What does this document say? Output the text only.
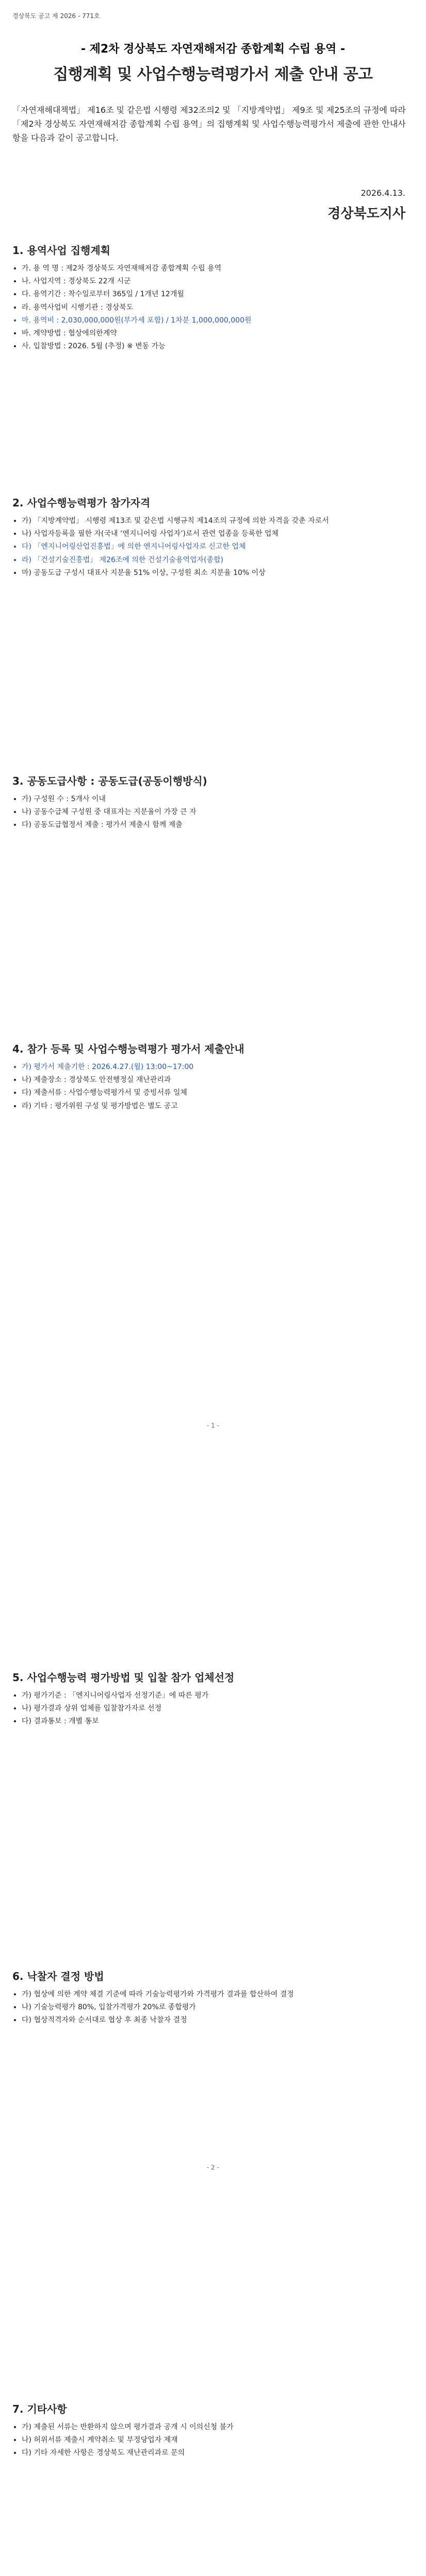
경상북도 공고 제 2026 - 771호
- 제2차 경상북도 자연재해저감 종합계획 수립 용역 -
집행계획 및 사업수행능력평가서 제출 안내 공고
「자연재해대책법」 제16조 및 같은법 시행령 제32조의2 및 「지방계약법」 제9조 및 제25조의 규정에 따라 「제2차 경상북도 자연재해저감 종합계획 수립 용역」의 집행계획 및 사업수행능력평가서 제출에 관한 안내사항을 다음과 같이 공고합니다.
2026.4.13.
경상북도지사
1. 용역사업 집행계획
• 가. 용 역 명 : 제2차 경상북도 자연재해저감 종합계획 수립 용역
• 나. 사업지역 : 경상북도 22개 시군
• 다. 용역기간 : 착수일로부터 365일 / 1개년 12개월
• 라. 용역사업비 시행기관 : 경상북도
• 마. 용역비 : 2,030,000,000원(부가세 포함) / 1차분 1,000,000,000원
• 바. 계약방법 : 협상에의한계약
• 사. 입찰방법 : 2026. 5월 (추정) ※ 변동 가능
2. 사업수행능력평가 참가자격
• 가) 「지방계약법」 시행령 제13조 및 같은법 시행규칙 제14조의 규정에 의한 자격을 갖춘 자로서
• 나) 사업자등록을 필한 자(국내 ‘엔지니어링 사업자’)로서 관련 업종을 등록한 업체
• 다) 「엔지니어링산업진흥법」에 의한 엔지니어링사업자로 신고한 업체
• 라) 「건설기술진흥법」 제26조에 의한 건설기술용역업자(종합)
• 마) 공동도급 구성시 대표사 지분율 51% 이상, 구성원 최소 지분율 10% 이상
3. 공동도급사항 : 공동도급(공동이행방식)
• 가) 구성원 수 : 5개사 이내
• 나) 공동수급체 구성원 중 대표자는 지분율이 가장 큰 자
• 다) 공동도급협정서 제출 : 평가서 제출시 함께 제출
4. 참가 등록 및 사업수행능력평가 평가서 제출안내
• 가) 평가서 제출기한 : 2026.4.27.(월) 13:00~17:00
• 나) 제출장소 : 경상북도 안전행정실 재난관리과
• 다) 제출서류 : 사업수행능력평가서 및 증빙서류 일체
• 라) 기타 : 평가위원 구성 및 평가방법은 별도 공고
- 1 -
5. 사업수행능력 평가방법 및 입찰 참가 업체선정
• 가) 평가기준 : 「엔지니어링사업자 선정기준」에 따른 평가
• 나) 평가결과 상위 업체를 입찰참가자로 선정
• 다) 결과통보 : 개별 통보
6. 낙찰자 결정 방법
• 가) 협상에 의한 계약 체결 기준에 따라 기술능력평가와 가격평가 결과를 합산하여 결정
• 나) 기술능력평가 80%, 입찰가격평가 20%로 종합평가
• 다) 협상적격자와 순서대로 협상 후 최종 낙찰자 결정
- 2 -
7. 기타사항
• 가) 제출된 서류는 반환하지 않으며 평가결과 공개 시 이의신청 불가
• 나) 허위서류 제출시 계약취소 및 부정당업자 제재
• 다) 기타 자세한 사항은 경상북도 재난관리과로 문의
